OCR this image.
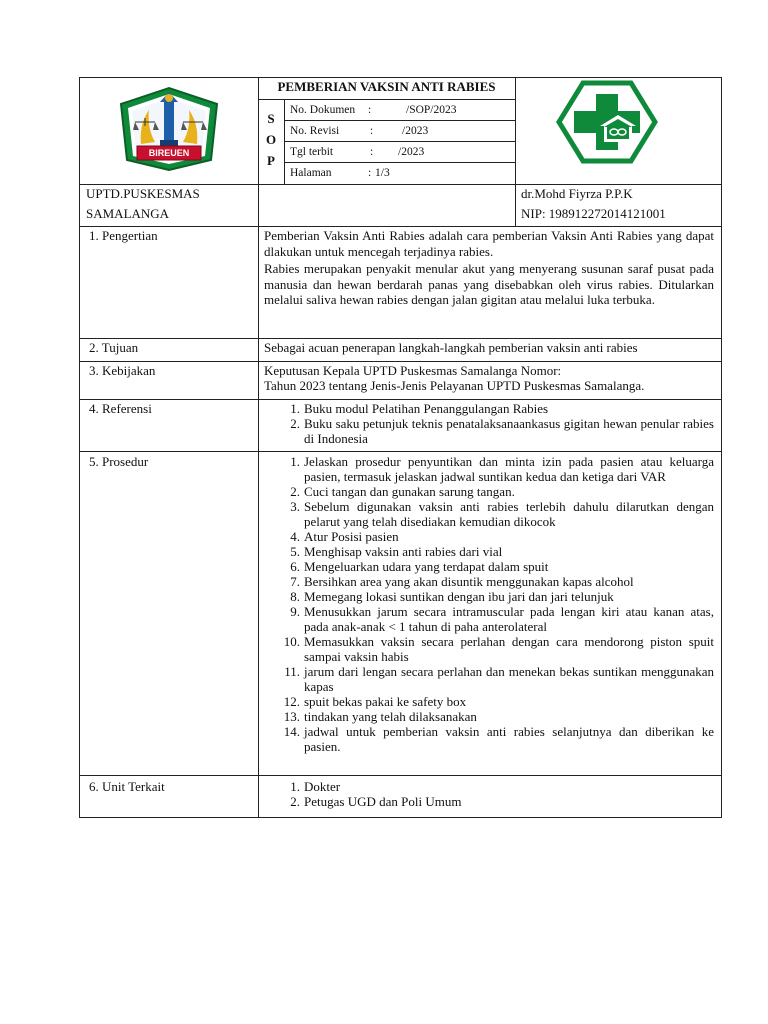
BIREUEN
PEMBERIAN VAKSIN ANTI RABIES
S
O
P
No. Dokumen :	/SOP/2023
No. Revisi	:	/2023
Tgl terbit	: /2023
Halaman	: 1/3
UPTD.PUSKESMAS
SAMALANGA
dr.Mohd Fiyrza P.P.K
NIP: 198912272014121001
1. Pengertian	Pemberian Vaksin Anti Rabies adalah cara pemberian Vaksin Anti Rabies yang dapat dlakukan untuk mencegah terjadinya rabies.
Rabies merupakan penyakit menular akut yang menyerang susunan saraf pusat pada manusia dan hewan berdarah panas yang disebabkan oleh virus rabies. Ditularkan melalui saliva hewan rabies dengan jalan gigitan atau melalui luka terbuka.
2. Tujuan	Sebagai acuan penerapan langkah-langkah pemberian vaksin anti rabies
3. Kebijakan	Keputusan Kepala UPTD Puskesmas Samalanga Nomor:
Tahun 2023 tentang Jenis-Jenis Pelayanan UPTD Puskesmas Samalanga.
4. Referensi	1. Buku modul Pelatihan Penanggulangan Rabies
2. Buku saku petunjuk teknis penatalaksanaankasus gigitan hewan penular rabies di Indonesia
5. Prosedur	1. Jelaskan prosedur penyuntikan dan minta izin pada pasien atau keluarga pasien, termasuk jelaskan jadwal suntikan kedua dan ketiga dari VAR
2. Cuci tangan dan gunakan sarung tangan.
3. Sebelum digunakan vaksin anti rabies terlebih dahulu dilarutkan dengan pelarut yang telah disediakan kemudian dikocok
4. Atur Posisi pasien
5. Menghisap vaksin anti rabies dari vial
6. Mengeluarkan udara yang terdapat dalam spuit
7. Bersihkan area yang akan disuntik menggunakan kapas alcohol
8. Memegang lokasi suntikan dengan ibu jari dan jari telunjuk
9. Menusukkan jarum secara intramuscular pada lengan kiri atau kanan atas, pada anak-anak < 1 tahun di paha anterolateral
10. Memasukkan vaksin secara perlahan dengan cara mendorong piston spuit sampai vaksin habis
11. jarum dari lengan secara perlahan dan menekan bekas suntikan menggunakan kapas
12. spuit bekas pakai ke safety box
13. tindakan yang telah dilaksanakan
14. jadwal untuk pemberian vaksin anti rabies selanjutnya dan diberikan ke pasien.
6. Unit Terkait	1. Dokter
2. Petugas UGD dan Poli Umum
